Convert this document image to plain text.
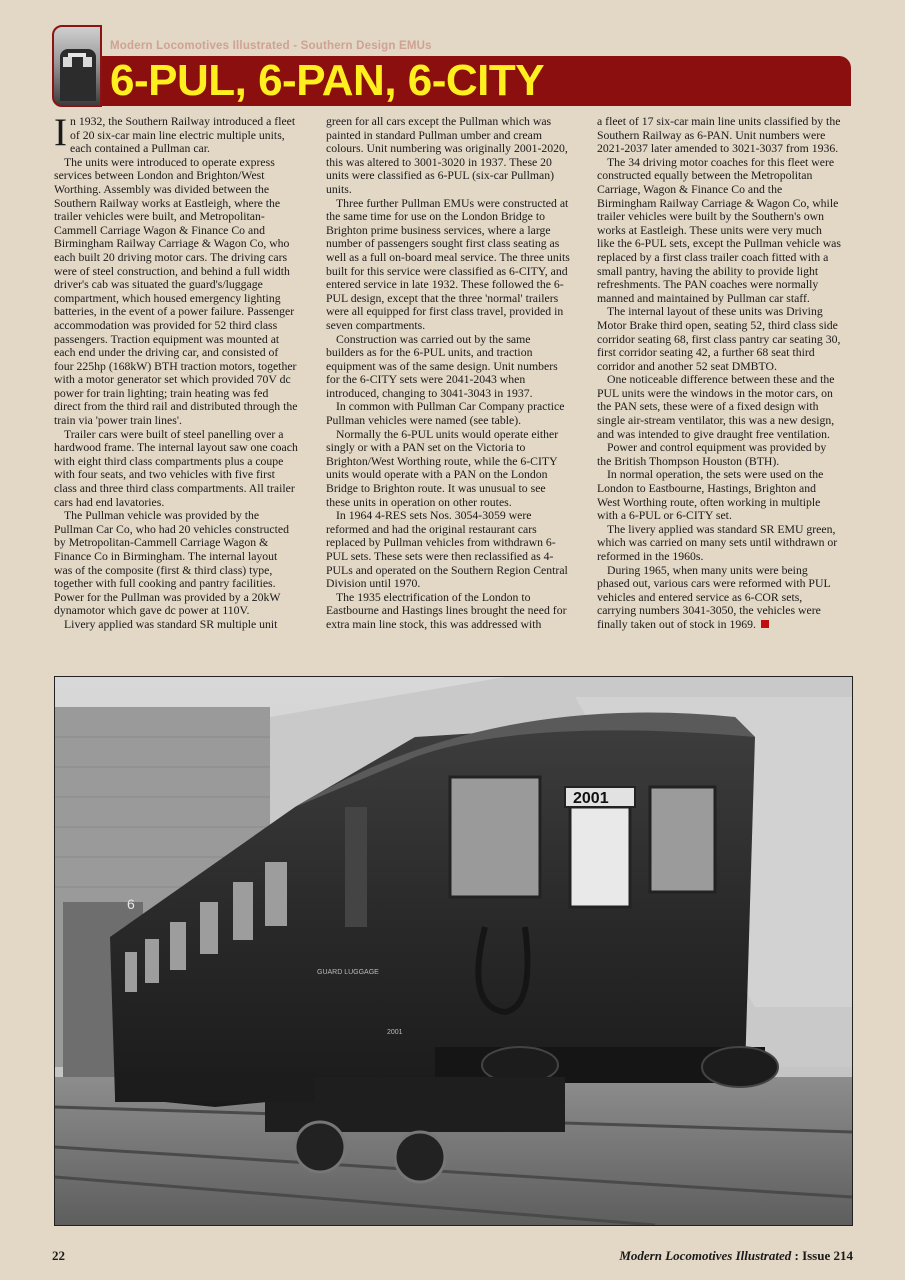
Modern Locomotives Illustrated - Southern Design EMUs
6-PUL, 6-PAN, 6-CITY

In 1932, the Southern Railway introduced a fleet of 20 six-car main line electric multiple units, each contained a Pullman car.

The units were introduced to operate express services between London and Brighton/West Worthing. Assembly was divided between the Southern Railway works at Eastleigh, where the trailer vehicles were built, and Metropolitan-Cammell Carriage Wagon & Finance Co and Birmingham Railway Carriage & Wagon Co, who each built 20 driving motor cars. The driving cars were of steel construction, and behind a full width driver's cab was situated the guard's/luggage compartment, which housed emergency lighting batteries, in the event of a power failure. Passenger accommodation was provided for 52 third class passengers. Traction equipment was mounted at each end under the driving car, and consisted of four 225hp (168kW) BTH traction motors, together with a motor generator set which provided 70V dc power for train lighting; train heating was fed direct from the third rail and distributed through the train via 'power train lines'.

Trailer cars were built of steel panelling over a hardwood frame. The internal layout saw one coach with eight third class compartments plus a coupe with four seats, and two vehicles with five first class and three third class compartments. All trailer cars had end lavatories.

The Pullman vehicle was provided by the Pullman Car Co, who had 20 vehicles constructed by Metropolitan-Cammell Carriage Wagon & Finance Co in Birmingham. The internal layout was of the composite (first & third class) type, together with full cooking and pantry facilities. Power for the Pullman was provided by a 20kW dynamotor which gave dc power at 110V.

Livery applied was standard SR multiple unit

green for all cars except the Pullman which was painted in standard Pullman umber and cream colours. Unit numbering was originally 2001-2020, this was altered to 3001-3020 in 1937. These 20 units were classified as 6-PUL (six-car Pullman) units.

Three further Pullman EMUs were constructed at the same time for use on the London Bridge to Brighton prime business services, where a large number of passengers sought first class seating as well as a full on-board meal service. The three units built for this service were classified as 6-CITY, and entered service in late 1932. These followed the 6-PUL design, except that the three 'normal' trailers were all equipped for first class travel, provided in seven compartments.

Construction was carried out by the same builders as for the 6-PUL units, and traction equipment was of the same design. Unit numbers for the 6-CITY sets were 2041-2043 when introduced, changing to 3041-3043 in 1937.

In common with Pullman Car Company practice Pullman vehicles were named (see table).

Normally the 6-PUL units would operate either singly or with a PAN set on the Victoria to Brighton/West Worthing route, while the 6-CITY units would operate with a PAN on the London Bridge to Brighton route. It was unusual to see these units in operation on other routes.

In 1964 4-RES sets Nos. 3054-3059 were reformed and had the original restaurant cars replaced by Pullman vehicles from withdrawn 6-PUL sets. These sets were then reclassified as 4-PULs and operated on the Southern Region Central Division until 1970.

The 1935 electrification of the London to Eastbourne and Hastings lines brought the need for extra main line stock, this was addressed with

a fleet of 17 six-car main line units classified by the Southern Railway as 6-PAN. Unit numbers were 2021-2037 later amended to 3021-3037 from 1936.

The 34 driving motor coaches for this fleet were constructed equally between the Metropolitan Carriage, Wagon & Finance Co and the Birmingham Railway Carriage & Wagon Co, while trailer vehicles were built by the Southern's own works at Eastleigh. These units were very much like the 6-PUL sets, except the Pullman vehicle was replaced by a first class trailer coach fitted with a small pantry, having the ability to provide light refreshments. The PAN coaches were normally manned and maintained by Pullman car staff.

The internal layout of these units was Driving Motor Brake third open, seating 52, third class side corridor seating 68, first class pantry car seating 30, first corridor seating 42, a further 68 seat third corridor and another 52 seat DMBTO.

One noticeable difference between these and the PUL units were the windows in the motor cars, on the PAN sets, these were of a fixed design with single air-stream ventilator, this was a new design, and was intended to give draught free ventilation.

Power and control equipment was provided by the British Thompson Houston (BTH).

In normal operation, the sets were used on the London to Eastbourne, Hastings, Brighton and West Worthing route, often working in multiple with a 6-PUL or 6-CITY set.

The livery applied was standard SR EMU green, which was carried on many sets until withdrawn or reformed in the 1960s.

During 1965, when many units were being phased out, various cars were reformed with PUL vehicles and entered service as 6-COR sets, carrying numbers 3041-3050, the vehicles were finally taken out of stock in 1969.

6
2001
GUARD LUGGAGE
2001
22	Modern Locomotives Illustrated : Issue 214
